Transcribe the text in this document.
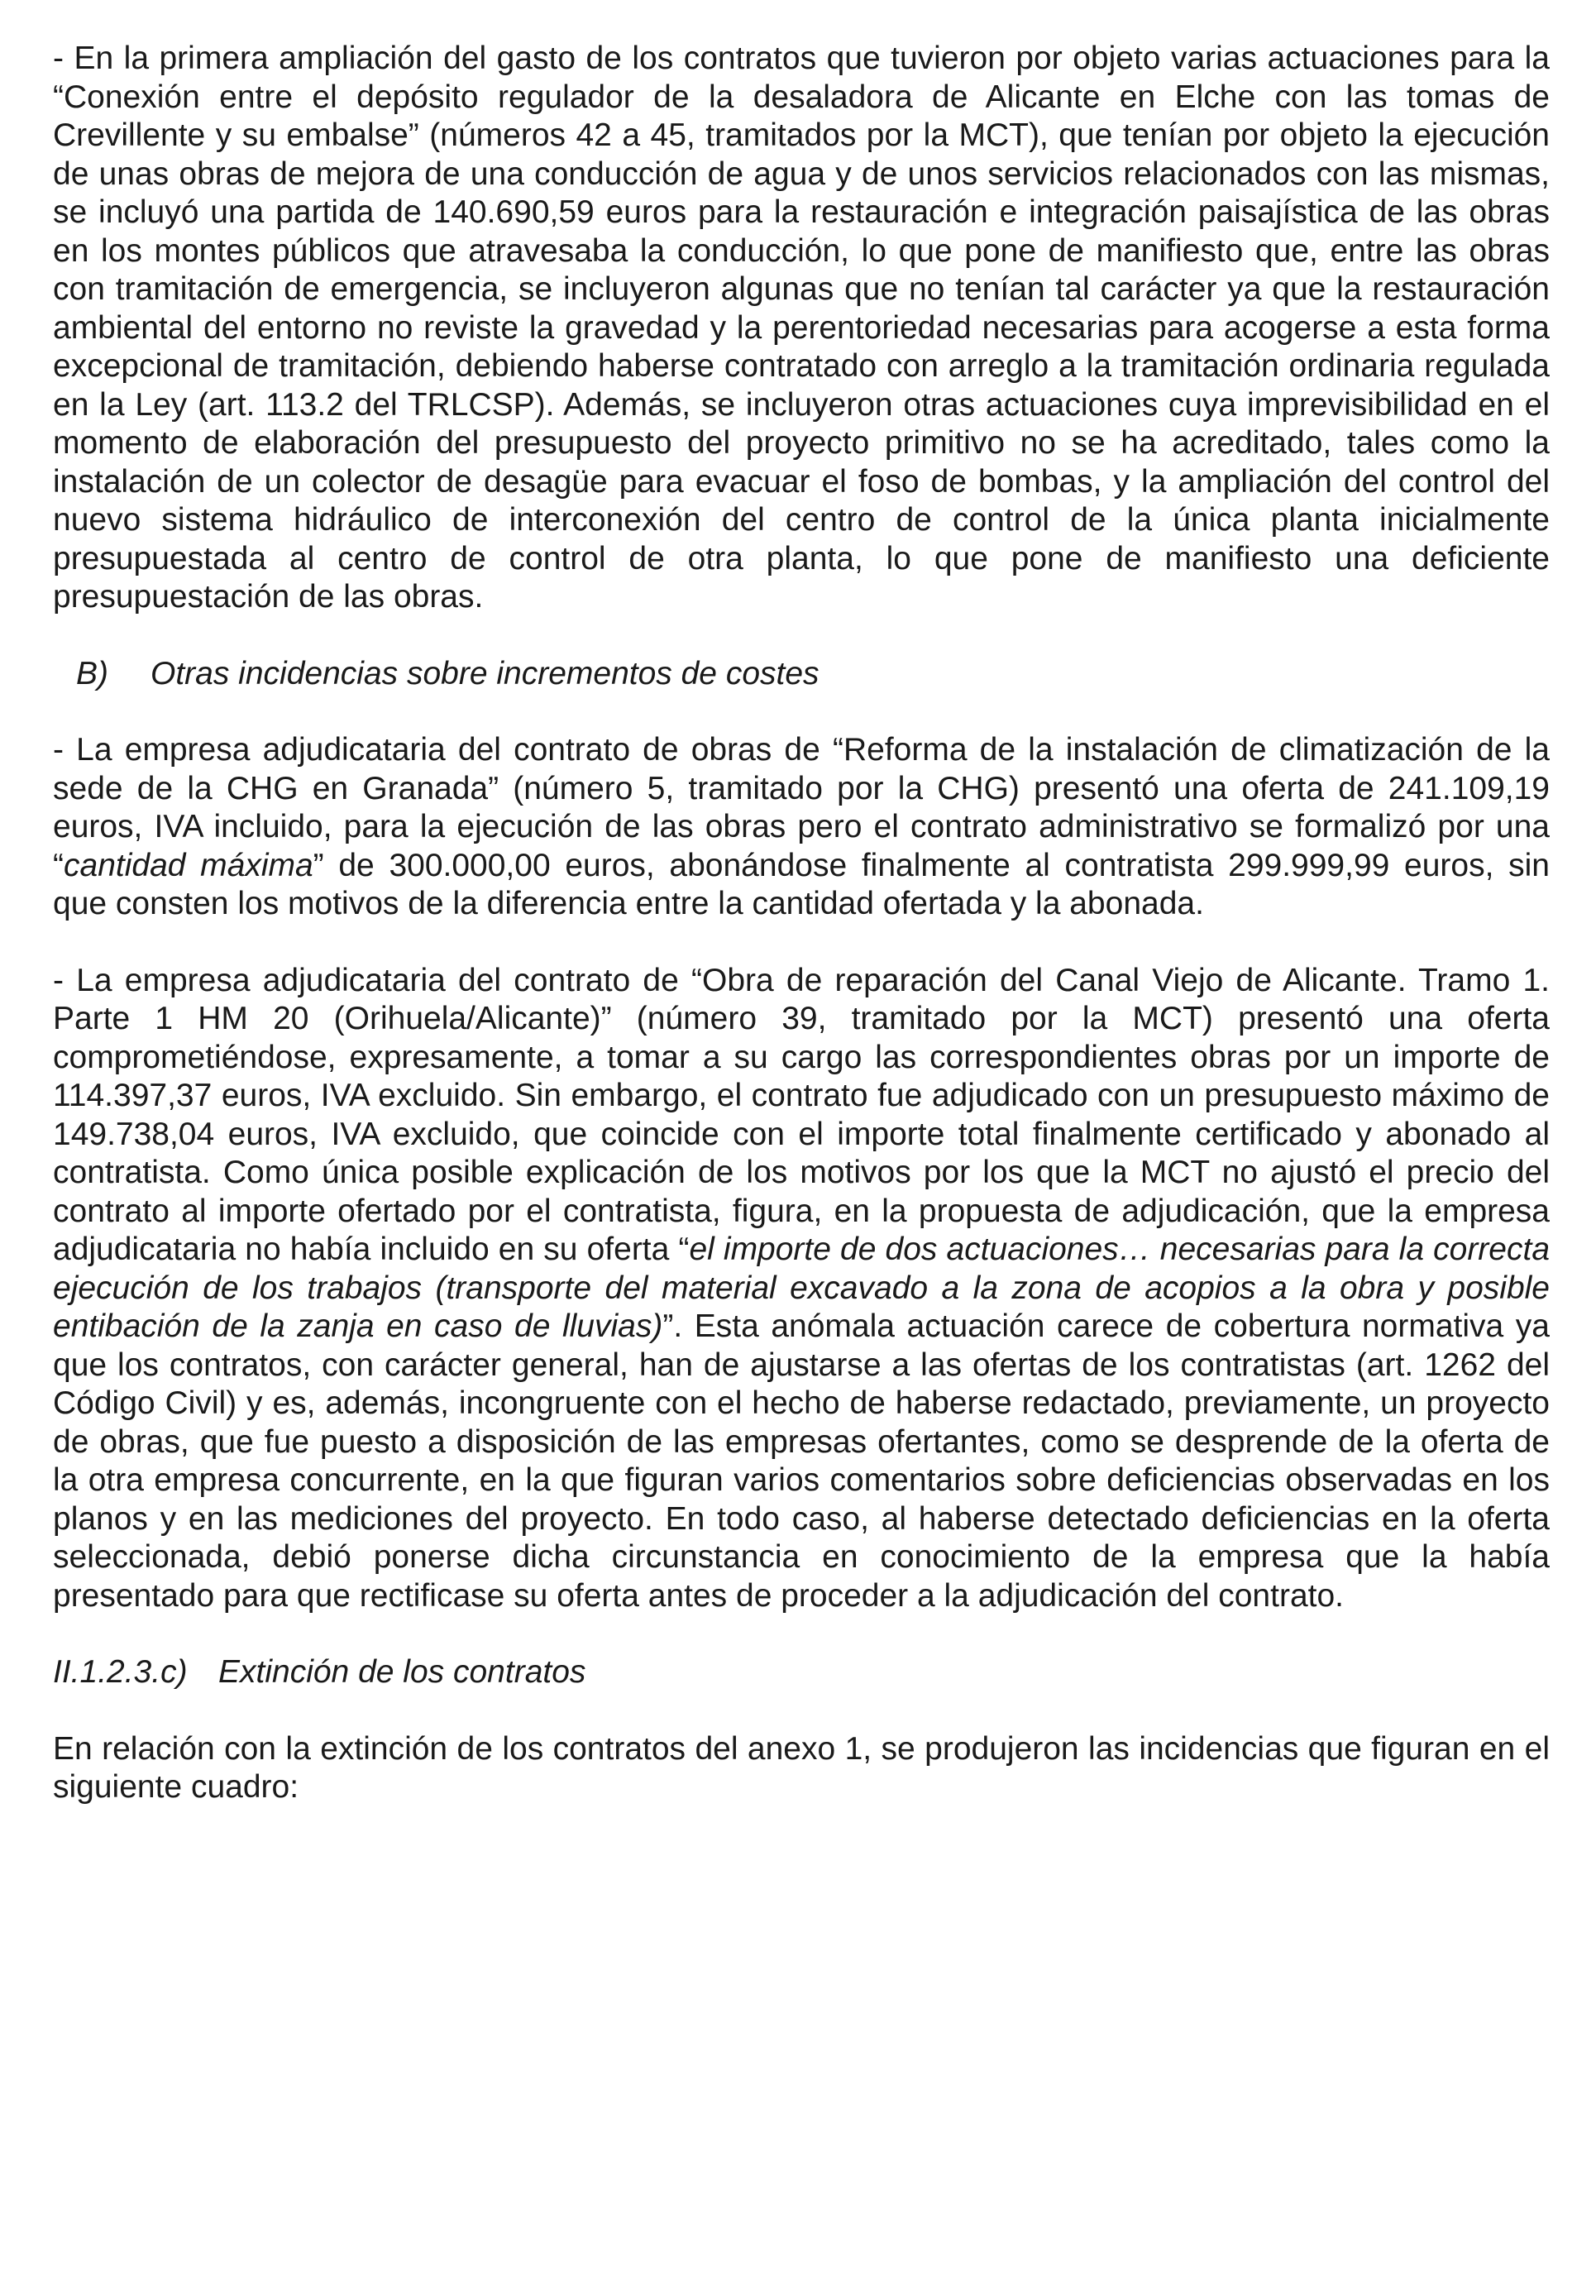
- En la primera ampliación del gasto de los contratos que tuvieron por objeto varias actuaciones para la “Conexión entre el depósito regulador de la desaladora de Alicante en Elche con las tomas de Crevillente y su embalse” (números 42 a 45, tramitados por la MCT), que tenían por objeto la ejecución de unas obras de mejora de una conducción de agua y de unos servicios relacionados con las mismas, se incluyó una partida de 140.690,59 euros para la restauración e integración paisajística de las obras en los montes públicos que atravesaba la conducción, lo que pone de manifiesto que, entre las obras con tramitación de emergencia, se incluyeron algunas que no tenían tal carácter ya que la restauración ambiental del entorno no reviste la gravedad y la perentoriedad necesarias para acogerse a esta forma excepcional de tramitación, debiendo haberse contratado con arreglo a la tramitación ordinaria regulada en la Ley (art. 113.2 del TRLCSP). Además, se incluyeron otras actuaciones cuya imprevisibilidad en el momento de elaboración del presupuesto del proyecto primitivo no se ha acreditado, tales como la instalación de un colector de desagüe para evacuar el foso de bombas, y la ampliación del control del nuevo sistema hidráulico de interconexión del centro de control de la única planta inicialmente presupuestada al centro de control de otra planta, lo que pone de manifiesto una deficiente presupuestación de las obras.

B) Otras incidencias sobre incrementos de costes

- La empresa adjudicataria del contrato de obras de “Reforma de la instalación de climatización de la sede de la CHG en Granada” (número 5, tramitado por la CHG) presentó una oferta de 241.109,19 euros, IVA incluido, para la ejecución de las obras pero el contrato administrativo se formalizó por una “cantidad máxima” de 300.000,00 euros, abonándose finalmente al contratista 299.999,99 euros, sin que consten los motivos de la diferencia entre la cantidad ofertada y la abonada.

- La empresa adjudicataria del contrato de “Obra de reparación del Canal Viejo de Alicante. Tramo 1. Parte 1 HM 20 (Orihuela/Alicante)” (número 39, tramitado por la MCT) presentó una oferta comprometiéndose, expresamente, a tomar a su cargo las correspondientes obras por un importe de 114.397,37 euros, IVA excluido. Sin embargo, el contrato fue adjudicado con un presupuesto máximo de 149.738,04 euros, IVA excluido, que coincide con el importe total finalmente certificado y abonado al contratista. Como única posible explicación de los motivos por los que la MCT no ajustó el precio del contrato al importe ofertado por el contratista, figura, en la propuesta de adjudicación, que la empresa adjudicataria no había incluido en su oferta “el importe de dos actuaciones… necesarias para la correcta ejecución de los trabajos (transporte del material excavado a la zona de acopios a la obra y posible entibación de la zanja en caso de lluvias)”. Esta anómala actuación carece de cobertura normativa ya que los contratos, con carácter general, han de ajustarse a las ofertas de los contratistas (art. 1262 del Código Civil) y es, además, incongruente con el hecho de haberse redactado, previamente, un proyecto de obras, que fue puesto a disposición de las empresas ofertantes, como se desprende de la oferta de la otra empresa concurrente, en la que figuran varios comentarios sobre deficiencias observadas en los planos y en las mediciones del proyecto. En todo caso, al haberse detectado deficiencias en la oferta seleccionada, debió ponerse dicha circunstancia en conocimiento de la empresa que la había presentado para que rectificase su oferta antes de proceder a la adjudicación del contrato.

II.1.2.3.c) Extinción de los contratos

En relación con la extinción de los contratos del anexo 1, se produjeron las incidencias que figuran en el siguiente cuadro:
